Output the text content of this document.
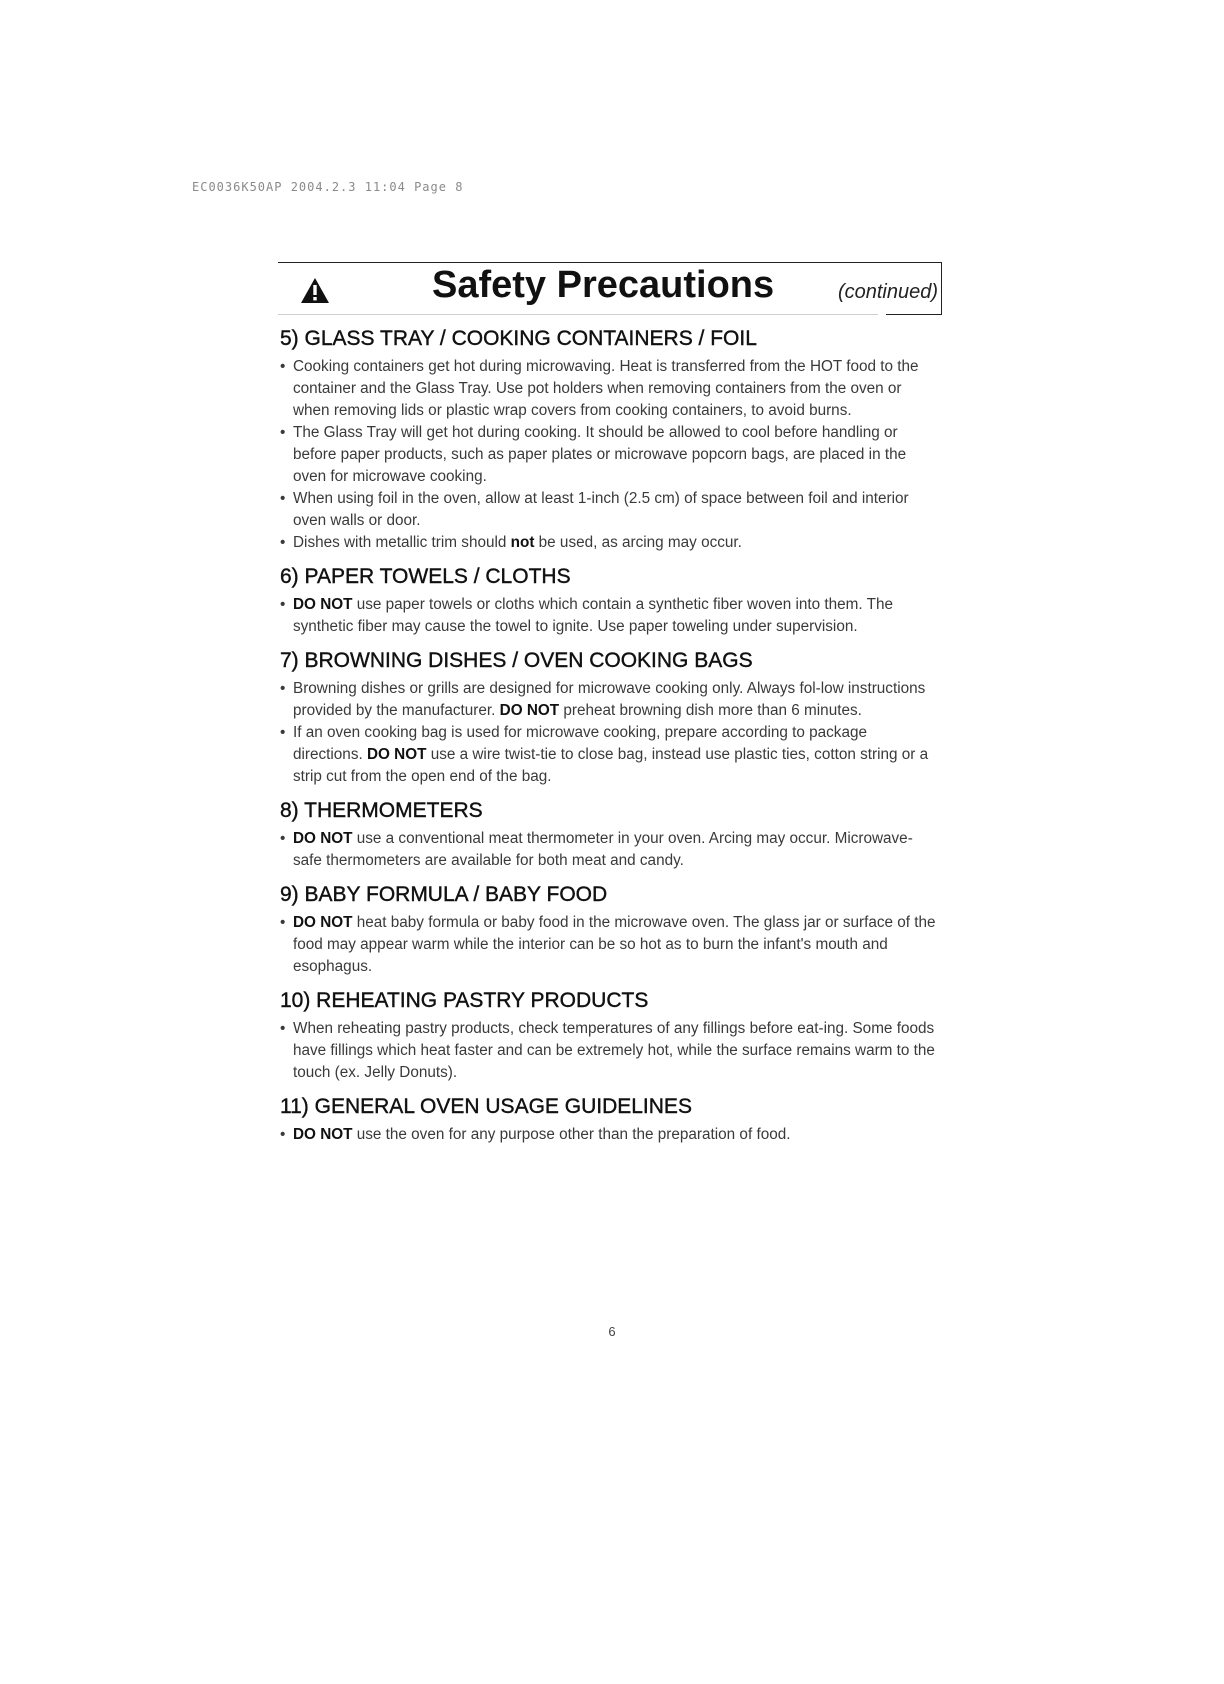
EC0036K50AP 2004.2.3 11:04 Page 8
Safety Precautions	(continued)
5) GLASS TRAY / COOKING CONTAINERS / FOIL
• Cooking containers get hot during microwaving. Heat is transferred from the HOT food to the container and the Glass Tray. Use pot holders when removing containers from the oven or when removing lids or plastic wrap covers from cooking containers, to avoid burns.
• The Glass Tray will get hot during cooking. It should be allowed to cool before handling or before paper products, such as paper plates or microwave popcorn bags, are placed in the oven for microwave cooking.
• When using foil in the oven, allow at least 1-inch (2.5 cm) of space between foil and interior oven walls or door.
• Dishes with metallic trim should not be used, as arcing may occur.
6) PAPER TOWELS / CLOTHS
• DO NOT use paper towels or cloths which contain a synthetic fiber woven into them. The synthetic fiber may cause the towel to ignite. Use paper toweling under supervision.
7) BROWNING DISHES / OVEN COOKING BAGS
• Browning dishes or grills are designed for microwave cooking only. Always fol-low instructions provided by the manufacturer. DO NOT preheat browning dish more than 6 minutes.
• If an oven cooking bag is used for microwave cooking, prepare according to package directions. DO NOT use a wire twist-tie to close bag, instead use plastic ties, cotton string or a strip cut from the open end of the bag.
8) THERMOMETERS
• DO NOT use a conventional meat thermometer in your oven. Arcing may occur. Microwave-safe thermometers are available for both meat and candy.
9) BABY FORMULA / BABY FOOD
• DO NOT heat baby formula or baby food in the microwave oven. The glass jar or surface of the food may appear warm while the interior can be so hot as to burn the infant's mouth and esophagus.
10) REHEATING PASTRY PRODUCTS
• When reheating pastry products, check temperatures of any fillings before eat-ing. Some foods have fillings which heat faster and can be extremely hot, while the surface remains warm to the touch (ex. Jelly Donuts).
11) GENERAL OVEN USAGE GUIDELINES
• DO NOT use the oven for any purpose other than the preparation of food.
6
